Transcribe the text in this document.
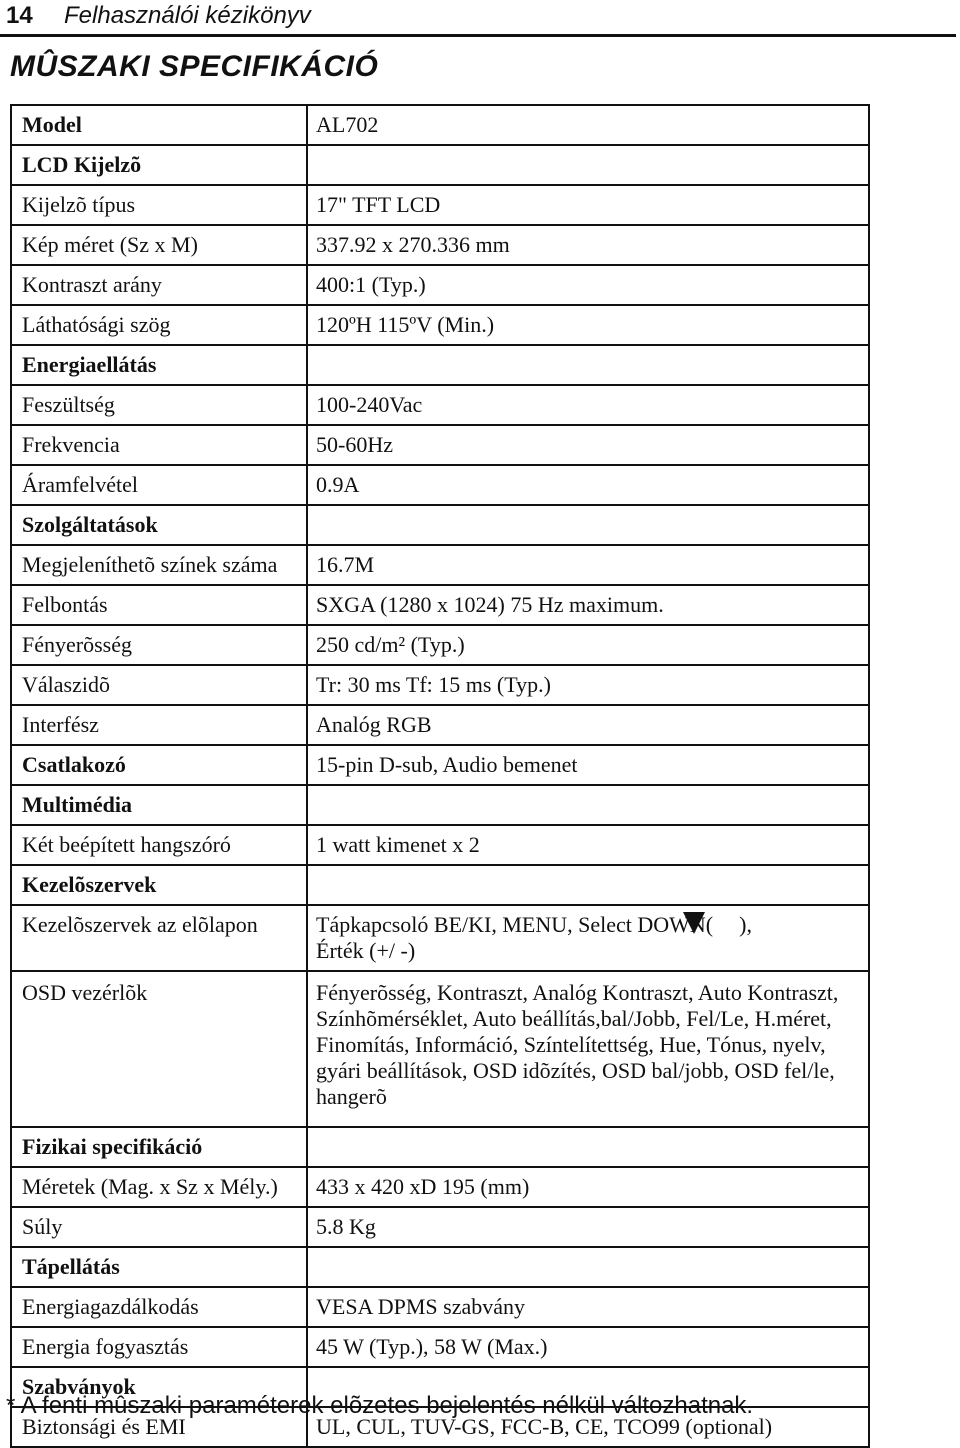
14 Felhasználói kézikönyv
MÛSZAKI SPECIFIKÁCIÓ
Model	AL702
LCD Kijelzõ	
Kijelzõ típus	17" TFT LCD
Kép méret (Sz x M)	337.92 x 270.336 mm
Kontraszt arány	400:1 (Typ.)
Láthatósági szög	120ºH 115ºV (Min.)
Energiaellátás	
Feszültség	100-240Vac
Frekvencia	50-60Hz
Áramfelvétel	0.9A
Szolgáltatások	
Megjeleníthetõ színek száma	16.7M
Felbontás	SXGA (1280 x 1024) 75 Hz maximum.
Fényerõsség	250 cd/m² (Typ.)
Válaszidõ	Tr: 30 ms Tf: 15 ms (Typ.)
Interfész	Analóg RGB
Csatlakozó	15-pin D-sub, Audio bemenet
Multimédia	
Két beépített hangszóró	1 watt kimenet x 2
Kezelõszervek	
Kezelõszervek az elõlapon	Tápkapcsoló BE/KI, MENU, Select DOWN( ),
Érték (+/ -)
OSD vezérlõk	Fényerõsség, Kontraszt, Analóg Kontraszt, Auto Kontraszt, Színhõmérséklet, Auto beállítás,bal/Jobb, Fel/Le, H.méret, Finomítás, Információ, Színtelítettség, Hue, Tónus, nyelv, gyári beállítások, OSD idõzítés, OSD bal/jobb, OSD fel/le, hangerõ
Fizikai specifikáció	
Méretek (Mag. x Sz x Mély.)	433 x 420 xD 195 (mm)
Súly	5.8 Kg
Tápellátás	
Energiagazdálkodás	VESA DPMS szabvány
Energia fogyasztás	45 W (Typ.), 58 W (Max.)
Szabványok	
Biztonsági és EMI	UL, CUL, TUV-GS, FCC-B, CE, TCO99 (optional)
* A fenti mûszaki paraméterek elõzetes bejelentés nélkül változhatnak.
